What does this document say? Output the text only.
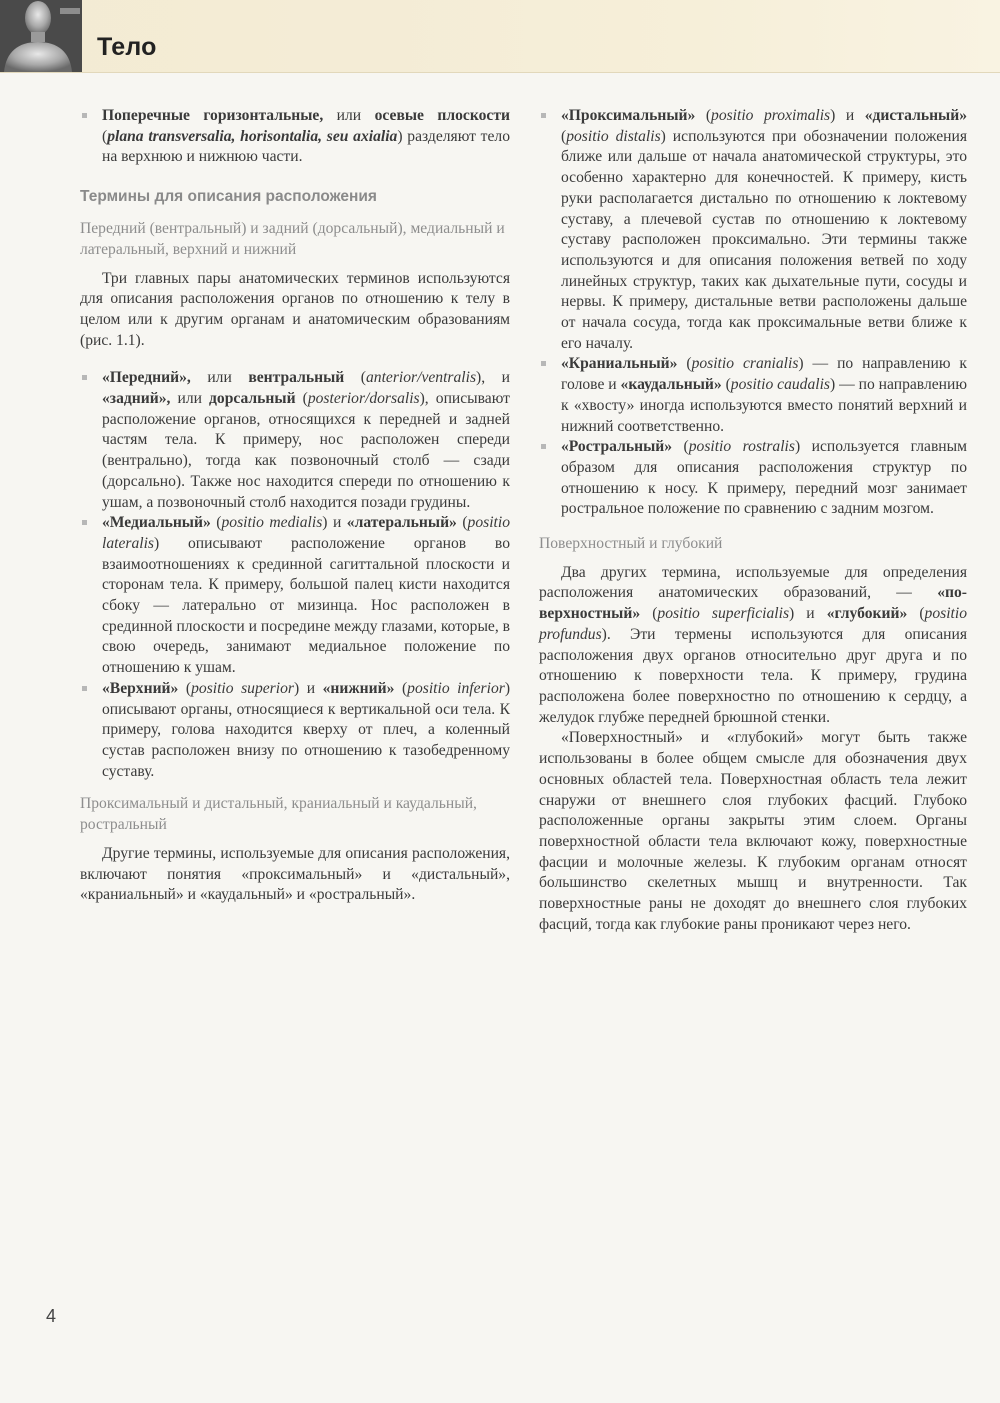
Тело
Поперечные горизонтальные, или осевые плоскости (plana transversalia, horisontalia, seu axialia) разделяют тело на верхнюю и нижнюю части.
Термины для описания расположения
Передний (вентральный) и задний (дорсальный), медиальный и латеральный, верхний и нижний

Три главных пары анатомических терминов используются для описания расположения органов по отношению к телу в целом или к другим органам и анатомическим образованиям (рис. 1.1).

«Передний», или вентральный (anterior/ventralis), и «задний», или дорсальный (posterior/dorsalis), описывают расположение органов, относящихся к передней и задней частям тела. К примеру, нос расположен спереди (вентрально), тогда как позвоночный столб — сзади (дорсально). Также нос находится спереди по отношению к ушам, а позвоночный столб находится позади грудины.
«Медиальный» (positio medialis) и «латеральный» (positio lateralis) описывают расположение органов во взаимоотношениях к срединной сагиттальной плоскости и сторонам тела. К примеру, большой палец кисти находится сбоку — латерально от мизинца. Нос расположен в срединной плоскости и посредине между глазами, которые, в свою очередь, занимают медиальное положение по отношению к ушам.
«Верхний» (positio superior) и «нижний» (positio inferior) описывают органы, относящиеся к вертикальной оси тела. К примеру, голова находится кверху от плеч, а коленный сустав расположен внизу по отношению к тазобедренному суставу.
Проксимальный и дистальный, краниальный и каудальный, ростральный

Другие термины, используемые для описания расположения, включают понятия «проксимальный» и «дистальный», «краниальный» и «каудальный» и «ростральный».

«Проксимальный» (positio proximalis) и «дистальный» (positio distalis) используются при обозначении положения ближе или дальше от начала анатомической структуры, это особенно характерно для конечностей. К примеру, кисть руки располагается дистально по отношению к локтевому суставу, а плечевой сустав по отношению к локтевому суставу расположен проксимально. Эти термины также используются и для описания положения ветвей по ходу линейных структур, таких как дыхательные пути, сосуды и нервы. К примеру, дистальные ветви расположены дальше от начала сосуда, тогда как проксимальные ветви ближе к его началу.
«Краниальный» (positio cranialis) — по направлению к голове и «каудальный» (positio caudalis) — по направлению к «хвосту» иногда используются вместо понятий верхний и нижний соответственно.
«Ростральный» (positio rostralis) используется главным образом для описания расположения структур по отношению к носу. К примеру, передний мозг занимает ростральное положение по сравнению с задним мозгом.
Поверхностный и глубокий

Два других термина, используемые для определения расположения анатомических образований, — «поверхностный» (positio superficialis) и «глубокий» (positio profundus). Эти термены используются для описания расположения двух органов относительно друг друга и по отношению к поверхности тела. К примеру, грудина расположена более поверхностно по отношению к сердцу, а желудок глубже передней брюшной стенки.

«Поверхностный» и «глубокий» могут быть также использованы в более общем смысле для обозначения двух основных областей тела. Поверхностная область тела лежит снаружи от внешнего слоя глубоких фасций. Глубоко расположенные органы закрыты этим слоем. Органы поверхностной области тела включают кожу, поверхностные фасции и молочные железы. К глубоким органам относят большинство скелетных мышц и внутренности. Так поверхностные раны не доходят до внешнего слоя глубоких фасций, тогда как глубокие раны проникают через него.

4
